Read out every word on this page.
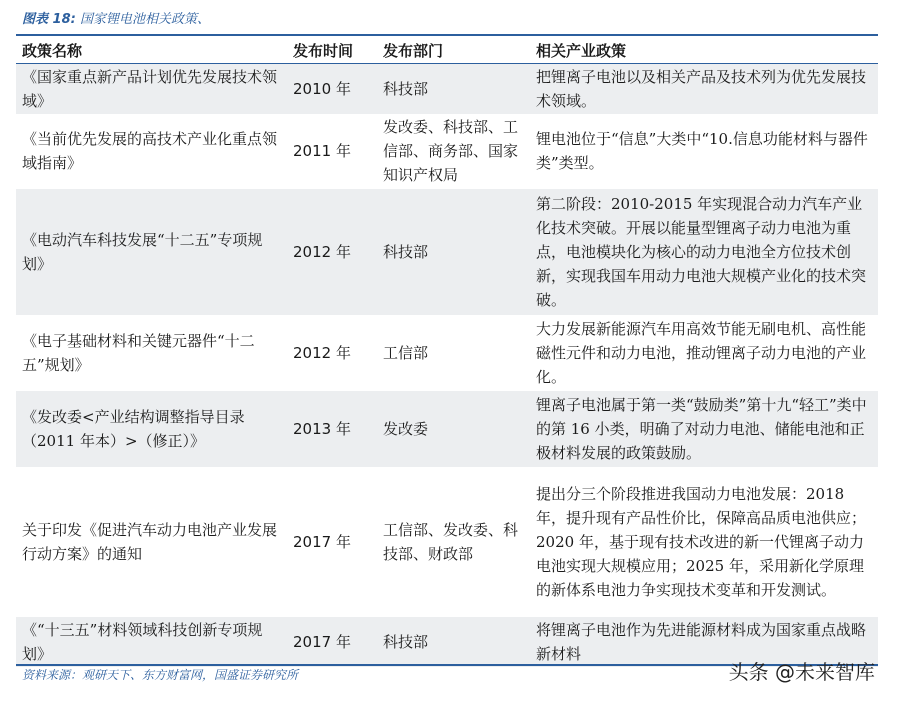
图表 18: 国家锂电池相关政策、
政策名称	发布时间	发布部门	相关产业政策
《国家重点新产品计划优先发展技术领域》	2010 年	科技部	把锂离子电池以及相关产品及技术列为优先发展技术领域。
《当前优先发展的高技术产业化重点领域指南》	2011 年	发改委、科技部、工信部、商务部、国家知识产权局	锂电池位于“信息”大类中“10.信息功能材料与器件类”类型。
《电动汽车科技发展“十二五”专项规划》	2012 年	科技部	第二阶段：2010-2015 年实现混合动力汽车产业化技术突破。开展以能量型锂离子动力电池为重点，电池模块化为核心的动力电池全方位技术创新，实现我国车用动力电池大规模产业化的技术突破。
《电子基础材料和关键元器件“十二五”规划》	2012 年	工信部	大力发展新能源汽车用高效节能无刷电机、高性能磁性元件和动力电池，推动锂离子动力电池的产业化。
《发改委<产业结构调整指导目录（2011 年本）>（修正）》	2013 年	发改委	锂离子电池属于第一类“鼓励类”第十九“轻工”类中的第 16 小类，明确了对动力电池、储能电池和正极材料发展的政策鼓励。
关于印发《促进汽车动力电池产业发展行动方案》的通知	2017 年	工信部、发改委、科技部、财政部	提出分三个阶段推进我国动力电池发展：2018 年，提升现有产品性价比，保障高品质电池供应；2020 年，基于现有技术改进的新一代锂离子动力电池实现大规模应用；2025 年，采用新化学原理的新体系电池力争实现技术变革和开发测试。
《“十三五”材料领域科技创新专项规划》	2017 年	科技部	将锂离子电池作为先进能源材料成为国家重点战略新材料
资料来源：观研天下、东方财富网，国盛证券研究所	头条 @未来智库
